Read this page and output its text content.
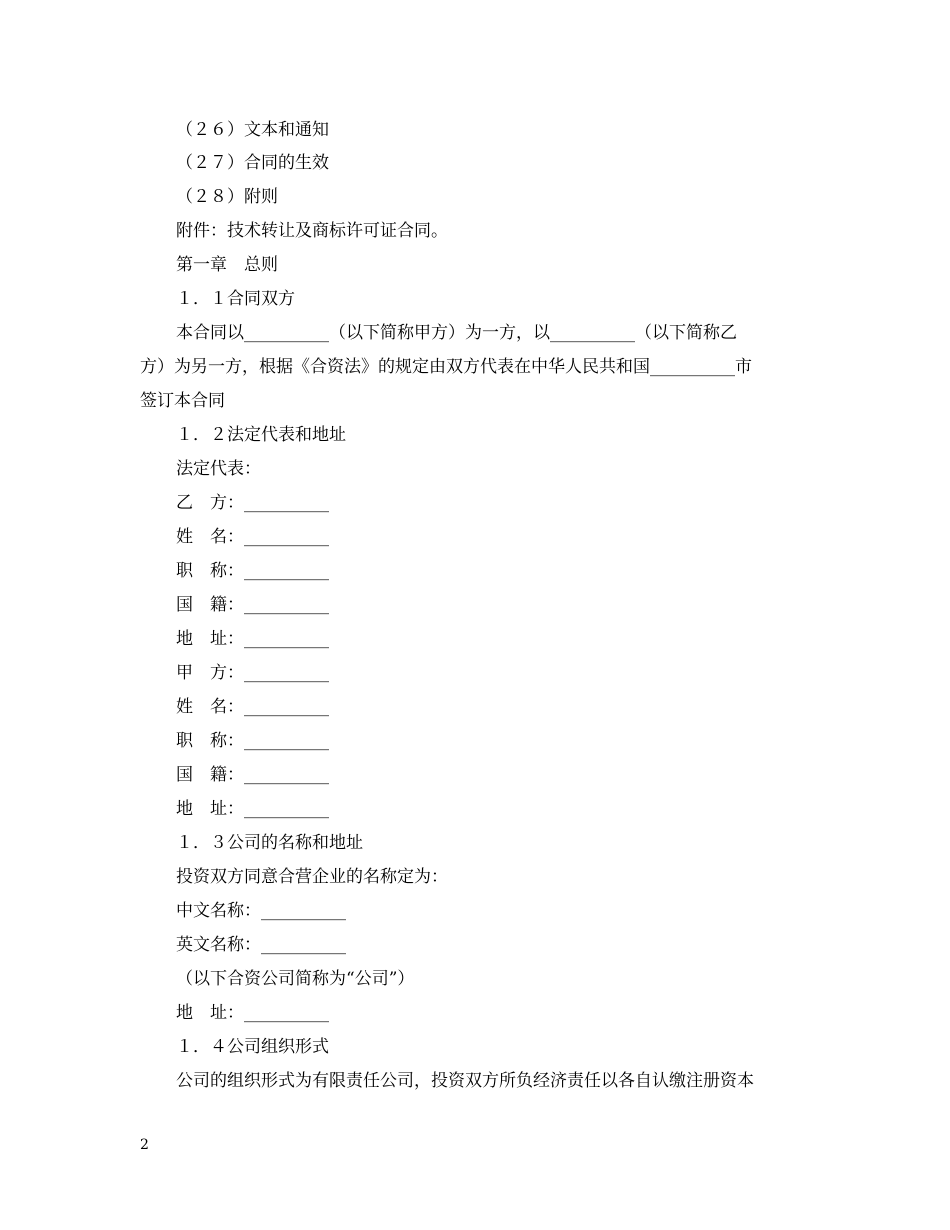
（２６）文本和通知
（２７）合同的生效
（２８）附则
附件：技术转让及商标许可证合同。
第一章　总则
１．１合同双方
本合同以__________（以下简称甲方）为一方，以__________（以下简称乙
方）为另一方，根据《合资法》的规定由双方代表在中华人民共和国__________市
签订本合同
１．２法定代表和地址
法定代表：
乙　方：__________
姓　名：__________
职　称：__________
国　籍：__________
地　址：__________
甲　方：__________
姓　名：__________
职　称：__________
国　籍：__________
地　址：__________
１．３公司的名称和地址
投资双方同意合营企业的名称定为：
中文名称：__________
英文名称：__________
（以下合资公司简称为“公司”）
地　址：__________
１．４公司组织形式
公司的组织形式为有限责任公司，投资双方所负经济责任以各自认缴注册资本
2
